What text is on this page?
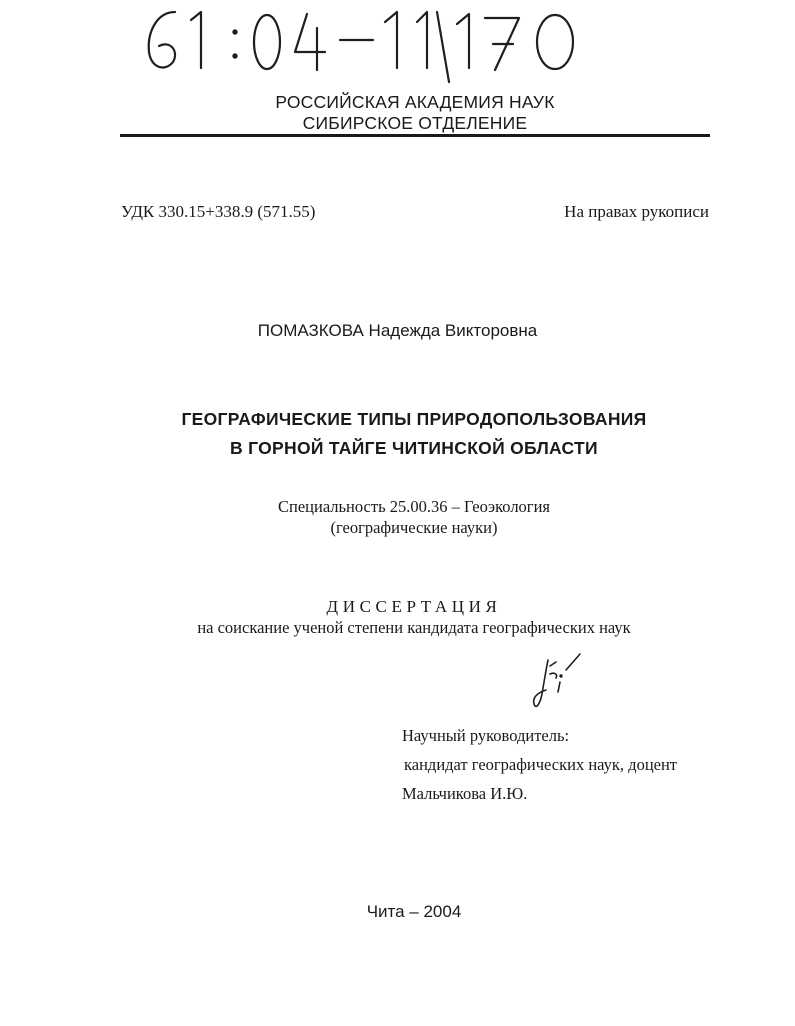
РОССИЙСКАЯ АКАДЕМИЯ НАУК
СИБИРСКОЕ ОТДЕЛЕНИЕ
УДК 330.15+338.9 (571.55)	На правах рукописи
ПОМАЗКОВА Надежда Викторовна
ГЕОГРАФИЧЕСКИЕ ТИПЫ ПРИРОДОПОЛЬЗОВАНИЯ
В ГОРНОЙ ТАЙГЕ ЧИТИНСКОЙ ОБЛАСТИ
Специальность 25.00.36 – Геоэкология
(географические науки)
ДИССЕРТАЦИЯ
на соискание ученой степени кандидата географических наук
Научный руководитель:
кандидат географических наук, доцент
Мальчикова И.Ю.
Чита – 2004
